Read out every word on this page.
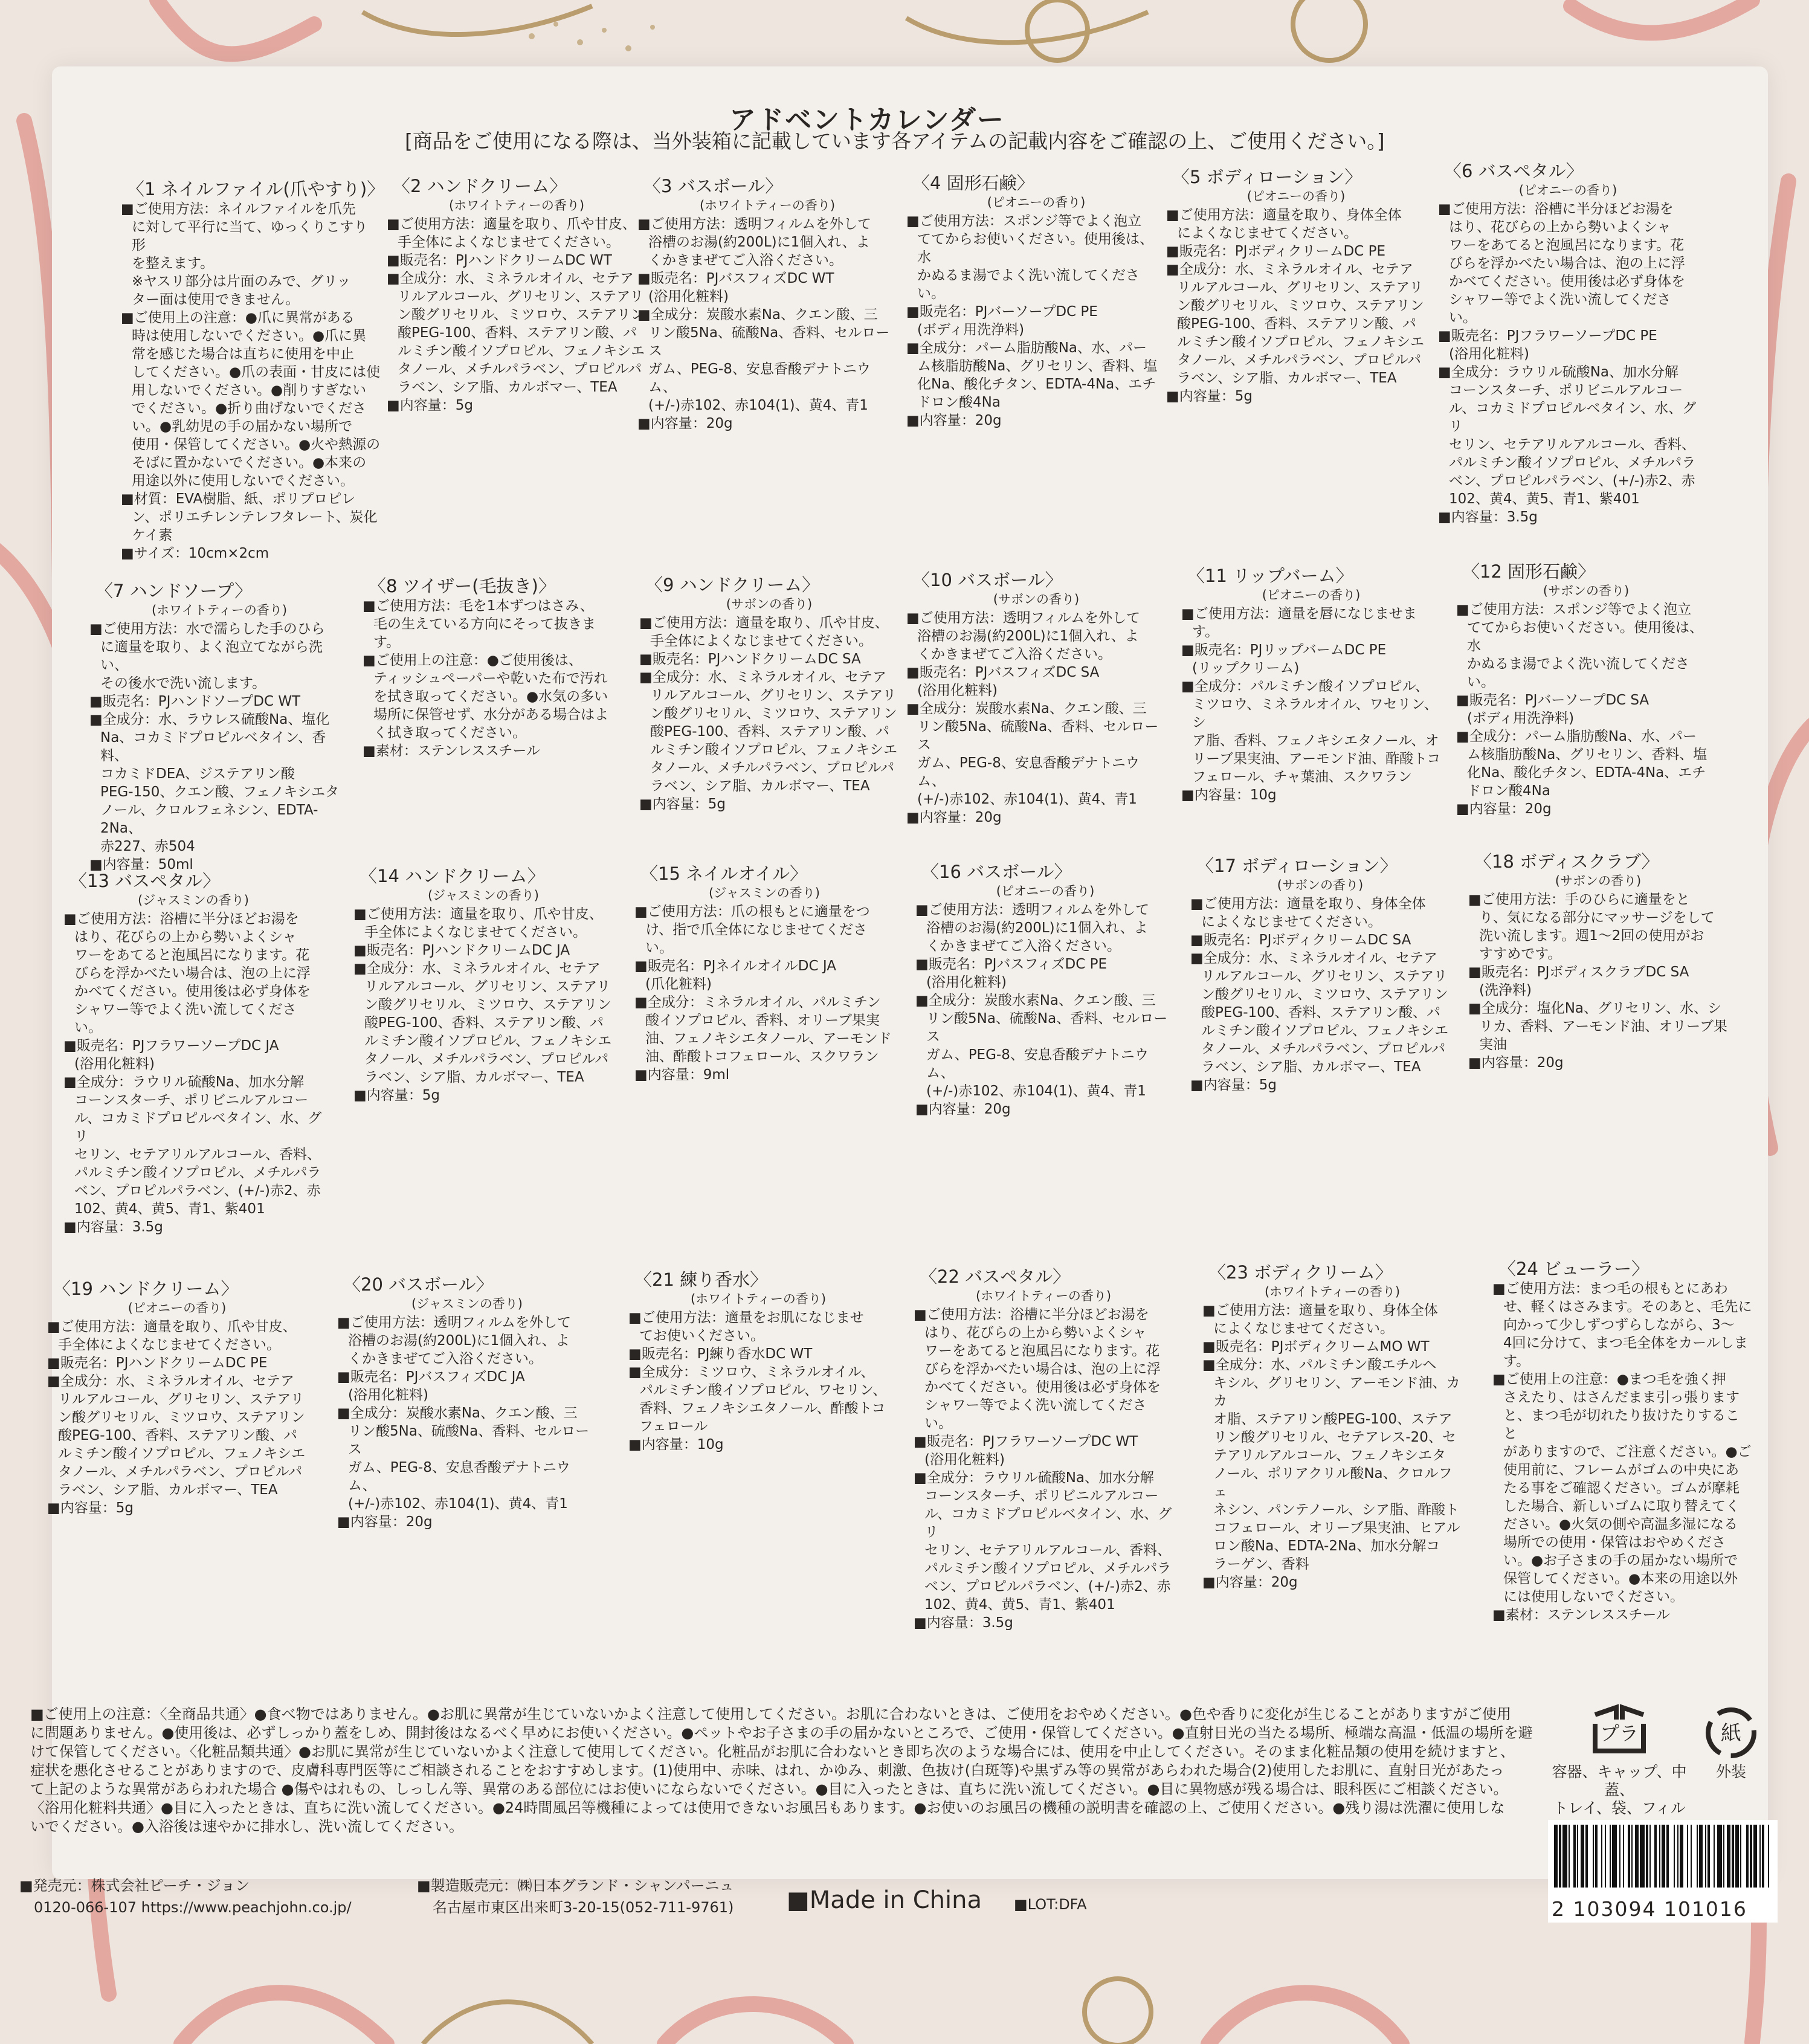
アドベントカレンダー
[商品をご使用になる際は、当外装箱に記載しています各アイテムの記載内容をご確認の上、ご使用ください。]
〈1 ネイルファイル(爪やすり)〉
■ご使用方法：ネイルファイルを爪先
に対して平行に当て、ゆっくりこすり形
を整えます。
※ヤスリ部分は片面のみで、グリッ
ター面は使用できません。
■ご使用上の注意：●爪に異常がある
時は使用しないでください。●爪に異
常を感じた場合は直ちに使用を中止
してください。●爪の表面・甘皮には使
用しないでください。●削りすぎない
でください。●折り曲げないでくださ
い。●乳幼児の手の届かない場所で
使用・保管してください。●火や熱源の
そばに置かないでください。●本来の
用途以外に使用しないでください。
■材質：EVA樹脂、紙、ポリプロピレ
ン、ポリエチレンテレフタレート、炭化
ケイ素
■サイズ：10cm×2cm
〈2 ハンドクリーム〉
(ホワイトティーの香り)
■ご使用方法：適量を取り、爪や甘皮、
手全体によくなじませてください。
■販売名：PJハンドクリームDC WT
■全成分：水、ミネラルオイル、セテア
リルアルコール、グリセリン、ステアリ
ン酸グリセリル、ミツロウ、ステアリン
酸PEG-100、香料、ステアリン酸、パ
ルミチン酸イソプロピル、フェノキシエ
タノール、メチルパラベン、プロピルパ
ラベン、シア脂、カルボマー、TEA
■内容量：5g
〈3 バスボール〉
(ホワイトティーの香り)
■ご使用方法：透明フィルムを外して
浴槽のお湯(約200L)に1個入れ、よ
くかきまぜてご入浴ください。
■販売名：PJバスフィズDC WT
(浴用化粧料)
■全成分：炭酸水素Na、クエン酸、三
リン酸5Na、硫酸Na、香料、セルロース
ガム、PEG-8、安息香酸デナトニウム、
(+/-)赤102、赤104(1)、黄4、青1
■内容量：20g
〈4 固形石鹸〉
(ピオニーの香り)
■ご使用方法：スポンジ等でよく泡立
ててからお使いください。使用後は、水
かぬるま湯でよく洗い流してください。
■販売名：PJバーソープDC PE
(ボディ用洗浄料)
■全成分：パーム脂肪酸Na、水、パー
ム核脂肪酸Na、グリセリン、香料、塩
化Na、酸化チタン、EDTA-4Na、エチ
ドロン酸4Na
■内容量：20g
〈5 ボディローション〉
(ピオニーの香り)
■ご使用方法：適量を取り、身体全体
によくなじませてください。
■販売名：PJボディクリームDC PE
■全成分：水、ミネラルオイル、セテア
リルアルコール、グリセリン、ステアリ
ン酸グリセリル、ミツロウ、ステアリン
酸PEG-100、香料、ステアリン酸、パ
ルミチン酸イソプロピル、フェノキシエ
タノール、メチルパラベン、プロピルパ
ラベン、シア脂、カルボマー、TEA
■内容量：5g
〈6 バスペタル〉
(ピオニーの香り)
■ご使用方法：浴槽に半分ほどお湯を
はり、花びらの上から勢いよくシャ
ワーをあてると泡風呂になります。花
びらを浮かべたい場合は、泡の上に浮
かべてください。使用後は必ず身体を
シャワー等でよく洗い流してください。
■販売名：PJフラワーソープDC PE
(浴用化粧料)
■全成分：ラウリル硫酸Na、加水分解
コーンスターチ、ポリビニルアルコー
ル、コカミドプロピルベタイン、水、グリ
セリン、セテアリルアルコール、香料、
パルミチン酸イソプロピル、メチルパラ
ベン、プロピルパラベン、(+/-)赤2、赤
102、黄4、黄5、青1、紫401
■内容量：3.5g
〈7 ハンドソープ〉
(ホワイトティーの香り)
■ご使用方法：水で濡らした手のひら
に適量を取り、よく泡立てながら洗い、
その後水で洗い流します。
■販売名：PJハンドソープDC WT
■全成分：水、ラウレス硫酸Na、塩化
Na、コカミドプロピルベタイン、香料、
コカミドDEA、ジステアリン酸
PEG-150、クエン酸、フェノキシエタ
ノール、クロルフェネシン、EDTA-2Na、
赤227、赤504
■内容量：50ml
〈8 ツイザー(毛抜き)〉
■ご使用方法：毛を1本ずつはさみ、
毛の生えている方向にそって抜きます。
■ご使用上の注意：●ご使用後は、
ティッシュペーパーや乾いた布で汚れ
を拭き取ってください。●水気の多い
場所に保管せず、水分がある場合はよ
く拭き取ってください。
■素材：ステンレススチール
〈9 ハンドクリーム〉
(サボンの香り)
■ご使用方法：適量を取り、爪や甘皮、
手全体によくなじませてください。
■販売名：PJハンドクリームDC SA
■全成分：水、ミネラルオイル、セテア
リルアルコール、グリセリン、ステアリ
ン酸グリセリル、ミツロウ、ステアリン
酸PEG-100、香料、ステアリン酸、パ
ルミチン酸イソプロピル、フェノキシエ
タノール、メチルパラベン、プロピルパ
ラベン、シア脂、カルボマー、TEA
■内容量：5g
〈10 バスボール〉
(サボンの香り)
■ご使用方法：透明フィルムを外して
浴槽のお湯(約200L)に1個入れ、よ
くかきまぜてご入浴ください。
■販売名：PJバスフィズDC SA
(浴用化粧料)
■全成分：炭酸水素Na、クエン酸、三
リン酸5Na、硫酸Na、香料、セルロース
ガム、PEG-8、安息香酸デナトニウム、
(+/-)赤102、赤104(1)、黄4、青1
■内容量：20g
〈11 リップバーム〉
(ピオニーの香り)
■ご使用方法：適量を唇になじませま
す。
■販売名：PJリップバームDC PE
(リップクリーム)
■全成分：パルミチン酸イソプロピル、
ミツロウ、ミネラルオイル、ワセリン、シ
ア脂、香料、フェノキシエタノール、オ
リーブ果実油、アーモンド油、酢酸トコ
フェロール、チャ葉油、スクワラン
■内容量：10g
〈12 固形石鹸〉
(サボンの香り)
■ご使用方法：スポンジ等でよく泡立
ててからお使いください。使用後は、水
かぬるま湯でよく洗い流してください。
■販売名：PJバーソープDC SA
(ボディ用洗浄料)
■全成分：パーム脂肪酸Na、水、パー
ム核脂肪酸Na、グリセリン、香料、塩
化Na、酸化チタン、EDTA-4Na、エチ
ドロン酸4Na
■内容量：20g
〈13 バスペタル〉
(ジャスミンの香り)
■ご使用方法：浴槽に半分ほどお湯を
はり、花びらの上から勢いよくシャ
ワーをあてると泡風呂になります。花
びらを浮かべたい場合は、泡の上に浮
かべてください。使用後は必ず身体を
シャワー等でよく洗い流してください。
■販売名：PJフラワーソープDC JA
(浴用化粧料)
■全成分：ラウリル硫酸Na、加水分解
コーンスターチ、ポリビニルアルコー
ル、コカミドプロピルベタイン、水、グリ
セリン、セテアリルアルコール、香料、
パルミチン酸イソプロピル、メチルパラ
ベン、プロピルパラベン、(+/-)赤2、赤
102、黄4、黄5、青1、紫401
■内容量：3.5g
〈14 ハンドクリーム〉
(ジャスミンの香り)
■ご使用方法：適量を取り、爪や甘皮、
手全体によくなじませてください。
■販売名：PJハンドクリームDC JA
■全成分：水、ミネラルオイル、セテア
リルアルコール、グリセリン、ステアリ
ン酸グリセリル、ミツロウ、ステアリン
酸PEG-100、香料、ステアリン酸、パ
ルミチン酸イソプロピル、フェノキシエ
タノール、メチルパラベン、プロピルパ
ラベン、シア脂、カルボマー、TEA
■内容量：5g
〈15 ネイルオイル〉
(ジャスミンの香り)
■ご使用方法：爪の根もとに適量をつ
け、指で爪全体になじませてください。
■販売名：PJネイルオイルDC JA
(爪化粧料)
■全成分：ミネラルオイル、パルミチン
酸イソプロピル、香料、オリーブ果実
油、フェノキシエタノール、アーモンド
油、酢酸トコフェロール、スクワラン
■内容量：9ml
〈16 バスボール〉
(ピオニーの香り)
■ご使用方法：透明フィルムを外して
浴槽のお湯(約200L)に1個入れ、よ
くかきまぜてご入浴ください。
■販売名：PJバスフィズDC PE
(浴用化粧料)
■全成分：炭酸水素Na、クエン酸、三
リン酸5Na、硫酸Na、香料、セルロース
ガム、PEG-8、安息香酸デナトニウム、
(+/-)赤102、赤104(1)、黄4、青1
■内容量：20g
〈17 ボディローション〉
(サボンの香り)
■ご使用方法：適量を取り、身体全体
によくなじませてください。
■販売名：PJボディクリームDC SA
■全成分：水、ミネラルオイル、セテア
リルアルコール、グリセリン、ステアリ
ン酸グリセリル、ミツロウ、ステアリン
酸PEG-100、香料、ステアリン酸、パ
ルミチン酸イソプロピル、フェノキシエ
タノール、メチルパラベン、プロピルパ
ラベン、シア脂、カルボマー、TEA
■内容量：5g
〈18 ボディスクラブ〉
(サボンの香り)
■ご使用方法：手のひらに適量をと
り、気になる部分にマッサージをして
洗い流します。週1〜2回の使用がお
すすめです。
■販売名：PJボディスクラブDC SA
(洗浄料)
■全成分：塩化Na、グリセリン、水、シ
リカ、香料、アーモンド油、オリーブ果
実油
■内容量：20g
〈19 ハンドクリーム〉
(ピオニーの香り)
■ご使用方法：適量を取り、爪や甘皮、
手全体によくなじませてください。
■販売名：PJハンドクリームDC PE
■全成分：水、ミネラルオイル、セテア
リルアルコール、グリセリン、ステアリ
ン酸グリセリル、ミツロウ、ステアリン
酸PEG-100、香料、ステアリン酸、パ
ルミチン酸イソプロピル、フェノキシエ
タノール、メチルパラベン、プロピルパ
ラベン、シア脂、カルボマー、TEA
■内容量：5g
〈20 バスボール〉
(ジャスミンの香り)
■ご使用方法：透明フィルムを外して
浴槽のお湯(約200L)に1個入れ、よ
くかきまぜてご入浴ください。
■販売名：PJバスフィズDC JA
(浴用化粧料)
■全成分：炭酸水素Na、クエン酸、三
リン酸5Na、硫酸Na、香料、セルロース
ガム、PEG-8、安息香酸デナトニウム、
(+/-)赤102、赤104(1)、黄4、青1
■内容量：20g
〈21 練り香水〉
(ホワイトティーの香り)
■ご使用方法：適量をお肌になじませ
てお使いください。
■販売名：PJ練り香水DC WT
■全成分：ミツロウ、ミネラルオイル、
パルミチン酸イソプロピル、ワセリン、
香料、フェノキシエタノール、酢酸トコ
フェロール
■内容量：10g
〈22 バスペタル〉
(ホワイトティーの香り)
■ご使用方法：浴槽に半分ほどお湯を
はり、花びらの上から勢いよくシャ
ワーをあてると泡風呂になります。花
びらを浮かべたい場合は、泡の上に浮
かべてください。使用後は必ず身体を
シャワー等でよく洗い流してください。
■販売名：PJフラワーソープDC WT
(浴用化粧料)
■全成分：ラウリル硫酸Na、加水分解
コーンスターチ、ポリビニルアルコー
ル、コカミドプロピルベタイン、水、グリ
セリン、セテアリルアルコール、香料、
パルミチン酸イソプロピル、メチルパラ
ベン、プロピルパラベン、(+/-)赤2、赤
102、黄4、黄5、青1、紫401
■内容量：3.5g
〈23 ボディクリーム〉
(ホワイトティーの香り)
■ご使用方法：適量を取り、身体全体
によくなじませてください。
■販売名：PJボディクリームMO WT
■全成分：水、パルミチン酸エチルヘ
キシル、グリセリン、アーモンド油、カカ
オ脂、ステアリン酸PEG-100、ステア
リン酸グリセリル、セテアレス-20、セ
テアリルアルコール、フェノキシエタ
ノール、ポリアクリル酸Na、クロルフェ
ネシン、パンテノール、シア脂、酢酸ト
コフェロール、オリーブ果実油、ヒアル
ロン酸Na、EDTA-2Na、加水分解コ
ラーゲン、香料
■内容量：20g
〈24 ビューラー〉
■ご使用方法：まつ毛の根もとにあわ
せ、軽くはさみます。そのあと、毛先に
向かって少しずつずらしながら、3〜
4回に分けて、まつ毛全体をカールしま
す。
■ご使用上の注意：●まつ毛を強く押
さえたり、はさんだまま引っ張ります
と、まつ毛が切れたり抜けたりすること
がありますので、ご注意ください。●ご
使用前に、フレームがゴムの中央にあ
たる事をご確認ください。ゴムが摩耗
した場合、新しいゴムに取り替えてく
ださい。●火気の側や高温多湿になる
場所での使用・保管はおやめくださ
い。●お子さまの手の届かない場所で
保管してください。●本来の用途以外
には使用しないでください。
■素材：ステンレススチール
■ご使用上の注意：〈全商品共通〉●食べ物ではありません。●お肌に異常が生じていないかよく注意して使用してください。お肌に合わないときは、ご使用をおやめください。●色や香りに変化が生じることがありますがご使用
に問題ありません。●使用後は、必ずしっかり蓋をしめ、開封後はなるべく早めにお使いください。●ペットやお子さまの手の届かないところで、ご使用・保管してください。●直射日光の当たる場所、極端な高温・低温の場所を避
けて保管してください。〈化粧品類共通〉●お肌に異常が生じていないかよく注意して使用してください。化粧品がお肌に合わないとき即ち次のような場合には、使用を中止してください。そのまま化粧品類の使用を続けますと、
症状を悪化させることがありますので、皮膚科専門医等にご相談されることをおすすめします。(1)使用中、赤味、はれ、かゆみ、刺激、色抜け(白斑等)や黒ずみ等の異常があらわれた場合(2)使用したお肌に、直射日光があたっ
て上記のような異常があらわれた場合 ●傷やはれもの、しっしん等、異常のある部位にはお使いにならないでください。●目に入ったときは、直ちに洗い流してください。●目に異物感が残る場合は、眼科医にご相談ください。
〈浴用化粧料共通〉●目に入ったときは、直ちに洗い流してください。●24時間風呂等機種によっては使用できないお風呂もあります。●お使いのお風呂の機種の説明書を確認の上、ご使用ください。●残り湯は洗濯に使用しな
いでください。●入浴後は速やかに排水し、洗い流してください。
■発売元：株式会社ピーチ・ジョン
0120-066-107 https://www.peachjohn.co.jp/
■製造販売元：㈱日本グランド・シャンパーニュ
名古屋市東区出来町3-20-15(052-711-9761) ■Made in China ■LOT:DFA
プラ
容器、キャップ、中蓋、
トレイ、袋、フィル
紙
外装
2 103094 101016
